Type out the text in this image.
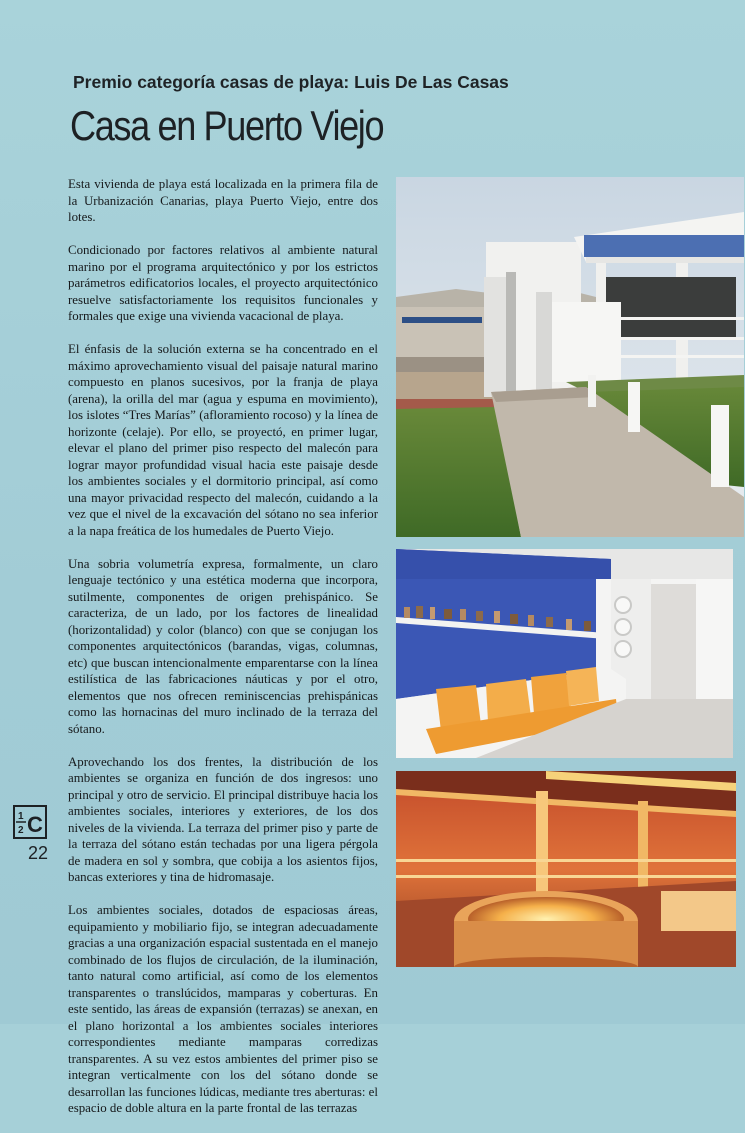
Premio categoría casas de playa: Luis De Las Casas
Casa en Puerto Viejo

Esta vivienda de playa está localizada en la primera fila de la Urbanización Canarias, playa Puerto Viejo, entre dos lotes.

Condicionado por factores relativos al ambiente natural marino por el programa arquitectónico y por los estrictos parámetros edificatorios locales, el proyecto arquitectónico resuelve satisfactoriamente los requisitos funcionales y formales que exige una vivienda vacacional de playa.

El énfasis de la solución externa se ha concentrado en el máximo aprovechamiento visual del paisaje natural marino compuesto en planos sucesivos, por la franja de playa (arena), la orilla del mar (agua y espuma en movimiento), los islotes “Tres Marías” (afloramiento rocoso) y la línea de horizonte (celaje). Por ello, se proyectó, en primer lugar, elevar el plano del primer piso respecto del malecón para lograr mayor profundidad visual hacia este paisaje desde los ambientes sociales y el dormitorio principal, así como una mayor privacidad respecto del malecón, cuidando a la vez que el nivel de la excavación del sótano no sea inferior a la napa freática de los humedales de Puerto Viejo.

Una sobria volumetría expresa, formalmente, un claro lenguaje tectónico y una estética moderna que incorpora, sutilmente, componentes de origen prehispánico. Se caracteriza, de un lado, por los factores de linealidad (horizontalidad) y color (blanco) con que se conjugan los componentes arquitectónicos (barandas, vigas, columnas, etc) que buscan intencionalmente emparentarse con la línea estilística de las fabricaciones náuticas y por el otro, elementos que nos ofrecen reminiscencias prehispánicas como las hornacinas del muro inclinado de la terraza del sótano.

Aprovechando los dos frentes, la distribución de los ambientes se organiza en función de dos ingresos: uno principal y otro de servicio. El principal distribuye hacia los ambientes sociales, interiores y exteriores, de los dos niveles de la vivienda. La terraza del primer piso y parte de la terraza del sótano están techadas por una ligera pérgola de madera en sol y sombra, que cobija a los asientos fijos, bancas exteriores y tina de hidromasaje.

Los ambientes sociales, dotados de espaciosas áreas, equipamiento y mobiliario fijo, se integran adecuadamente gracias a una organización espacial sustentada en el manejo combinado de los flujos de circulación, de la iluminación, tanto natural como artificial, así como de los elementos transparentes o translúcidos, mamparas y coberturas. En este sentido, las áreas de expansión (terrazas) se anexan, en el plano horizontal a los ambientes sociales interiores correspondientes mediante mamparas corredizas transparentes. A su vez estos ambientes del primer piso se integran verticalmente con los del sótano donde se desarrollan las funciones lúdicas, mediante tres aberturas: el espacio de doble altura en la parte frontal de las terrazas

1
2 C
22
